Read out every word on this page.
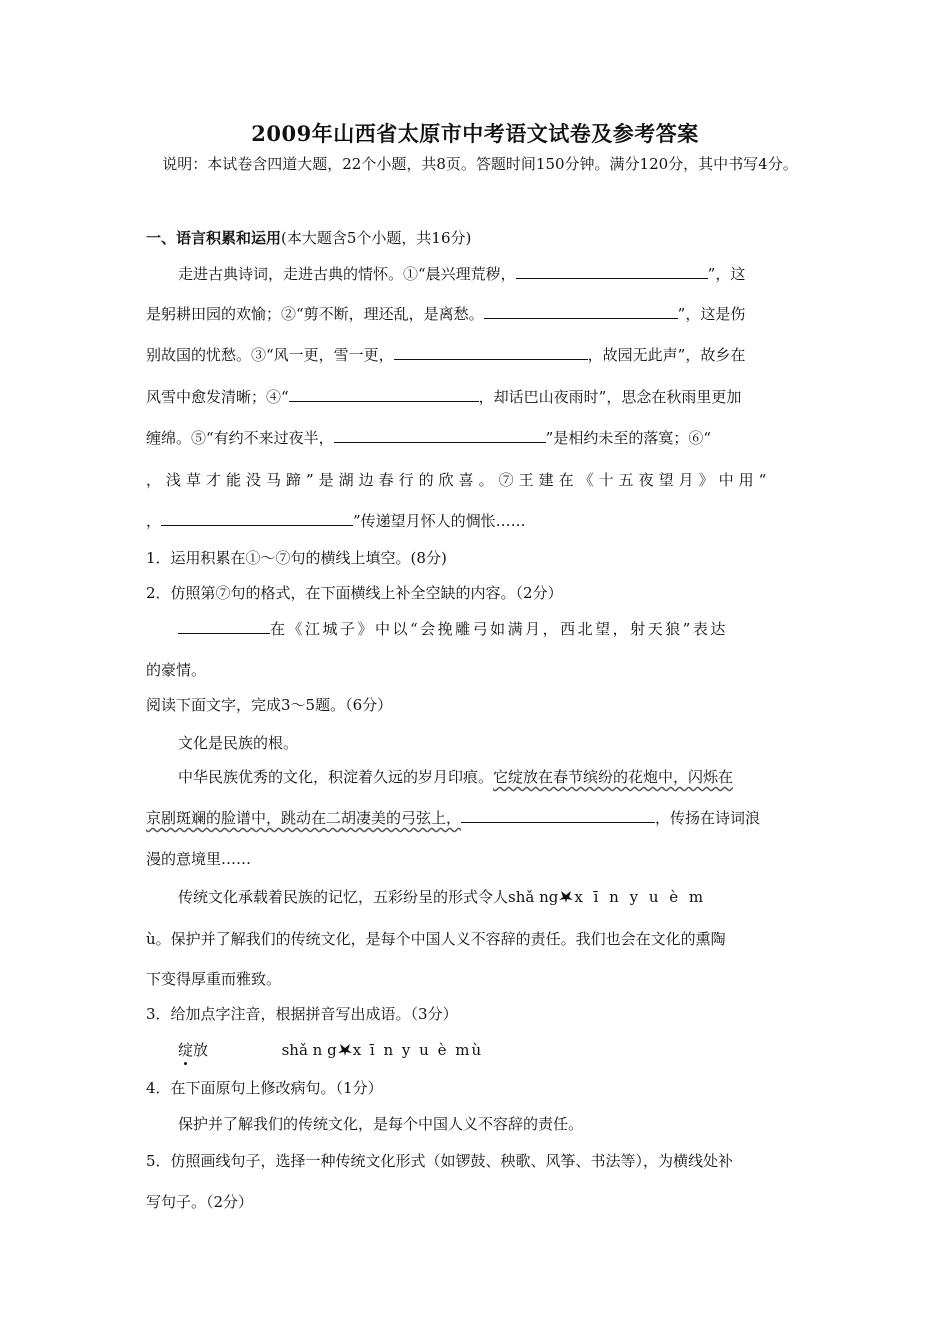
2009年山西省太原市中考语文试卷及参考答案
说明：本试卷含四道大题，22个小题，共8页。答题时间150分钟。满分120分，其中书写4分。
一、语言积累和运用(本大题含5个小题，共16分)
走进古典诗词，走进古典的情怀。①“晨兴理荒秽，	”，这
是躬耕田园的欢愉；②“剪不断，理还乱，是离愁。	”，这是伤
别故国的忧愁。③“风一更，雪一更，	，故园无此声”，故乡在
风雪中愈发清晰；④“	，却话巴山夜雨时”，思念在秋雨里更加
缠绵。⑤“有约不来过夜半，	”是相约未至的落寞；⑥“
，浅草才能没马蹄”是湖边春行的欣喜。⑦王建在《十五夜望月》中用“
，	”传递望月怀人的惆怅……
1．运用积累在①～⑦句的横线上填空。(8分)
2．仿照第⑦句的格式，在下面横线上补全空缺的内容。（2分）
在《江城子》中以“会挽雕弓如满月，西北望，射天狼”表达
的豪情。
阅读下面文字，完成3～5题。（6分）
文化是民族的根。
中华民族优秀的文化，积淀着久远的岁月印痕。它绽放在春节缤纷的花炮中，闪烁在
京剧斑斓的脸谱中，跳动在二胡凄美的弓弦上，	，传扬在诗词浪
漫的意境里……
传统文化承载着民族的记忆，五彩纷呈的形式令人shǎ ng x ī n y u è m
ù。保护并了解我们的传统文化，是每个中国人义不容辞的责任。我们也会在文化的熏陶
下变得厚重而雅致。
3．给加点字注音，根据拼音写出成语。（3分）
绽放	shǎ n g x ī n y u è mù
4．在下面原句上修改病句。（1分）
保护并了解我们的传统文化，是每个中国人义不容辞的责任。
5．仿照画线句子，选择一种传统文化形式（如锣鼓、秧歌、风筝、书法等），为横线处补
写句子。（2分）
